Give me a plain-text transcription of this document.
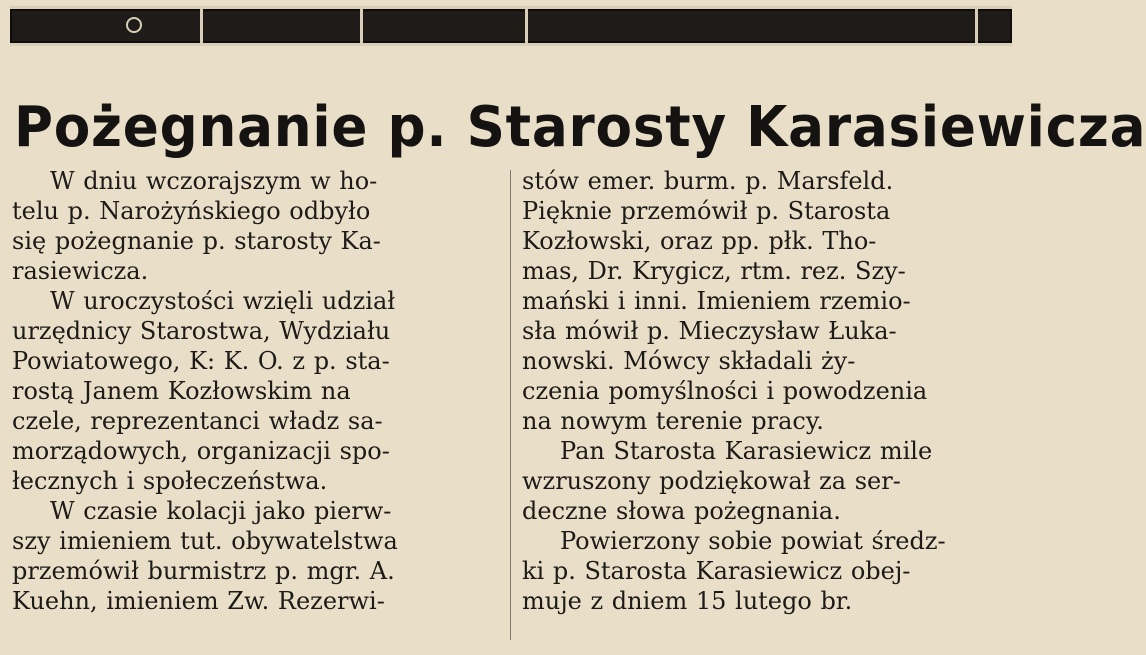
Pożegnanie p. Starosty Karasiewicza
W dniu wczorajszym w ho-
telu p. Narożyńskiego odbyło
się pożegnanie p. starosty Ka-
rasiewicza.
W uroczystości wzięli udział
urzędnicy Starostwa, Wydziału
Powiatowego, K: K. O. z p. sta-
rostą Janem Kozłowskim na
czele, reprezentanci władz sa-
morządowych, organizacji spo-
łecznych i społeczeństwa.
W czasie kolacji jako pierw-
szy imieniem tut. obywatelstwa
przemówił burmistrz p. mgr. A.
Kuehn, imieniem Zw. Rezerwi-
stów emer. burm. p. Marsfeld.
Pięknie przemówił p. Starosta
Kozłowski, oraz pp. płk. Tho-
mas, Dr. Krygicz, rtm. rez. Szy-
mański i inni. Imieniem rzemio-
sła mówił p. Mieczysław Łuka-
nowski. Mówcy składali ży-
czenia pomyślności i powodzenia
na nowym terenie pracy.
Pan Starosta Karasiewicz mile
wzruszony podziękował za ser-
deczne słowa pożegnania.
Powierzony sobie powiat średz-
ki p. Starosta Karasiewicz obej-
muje z dniem 15 lutego br.
